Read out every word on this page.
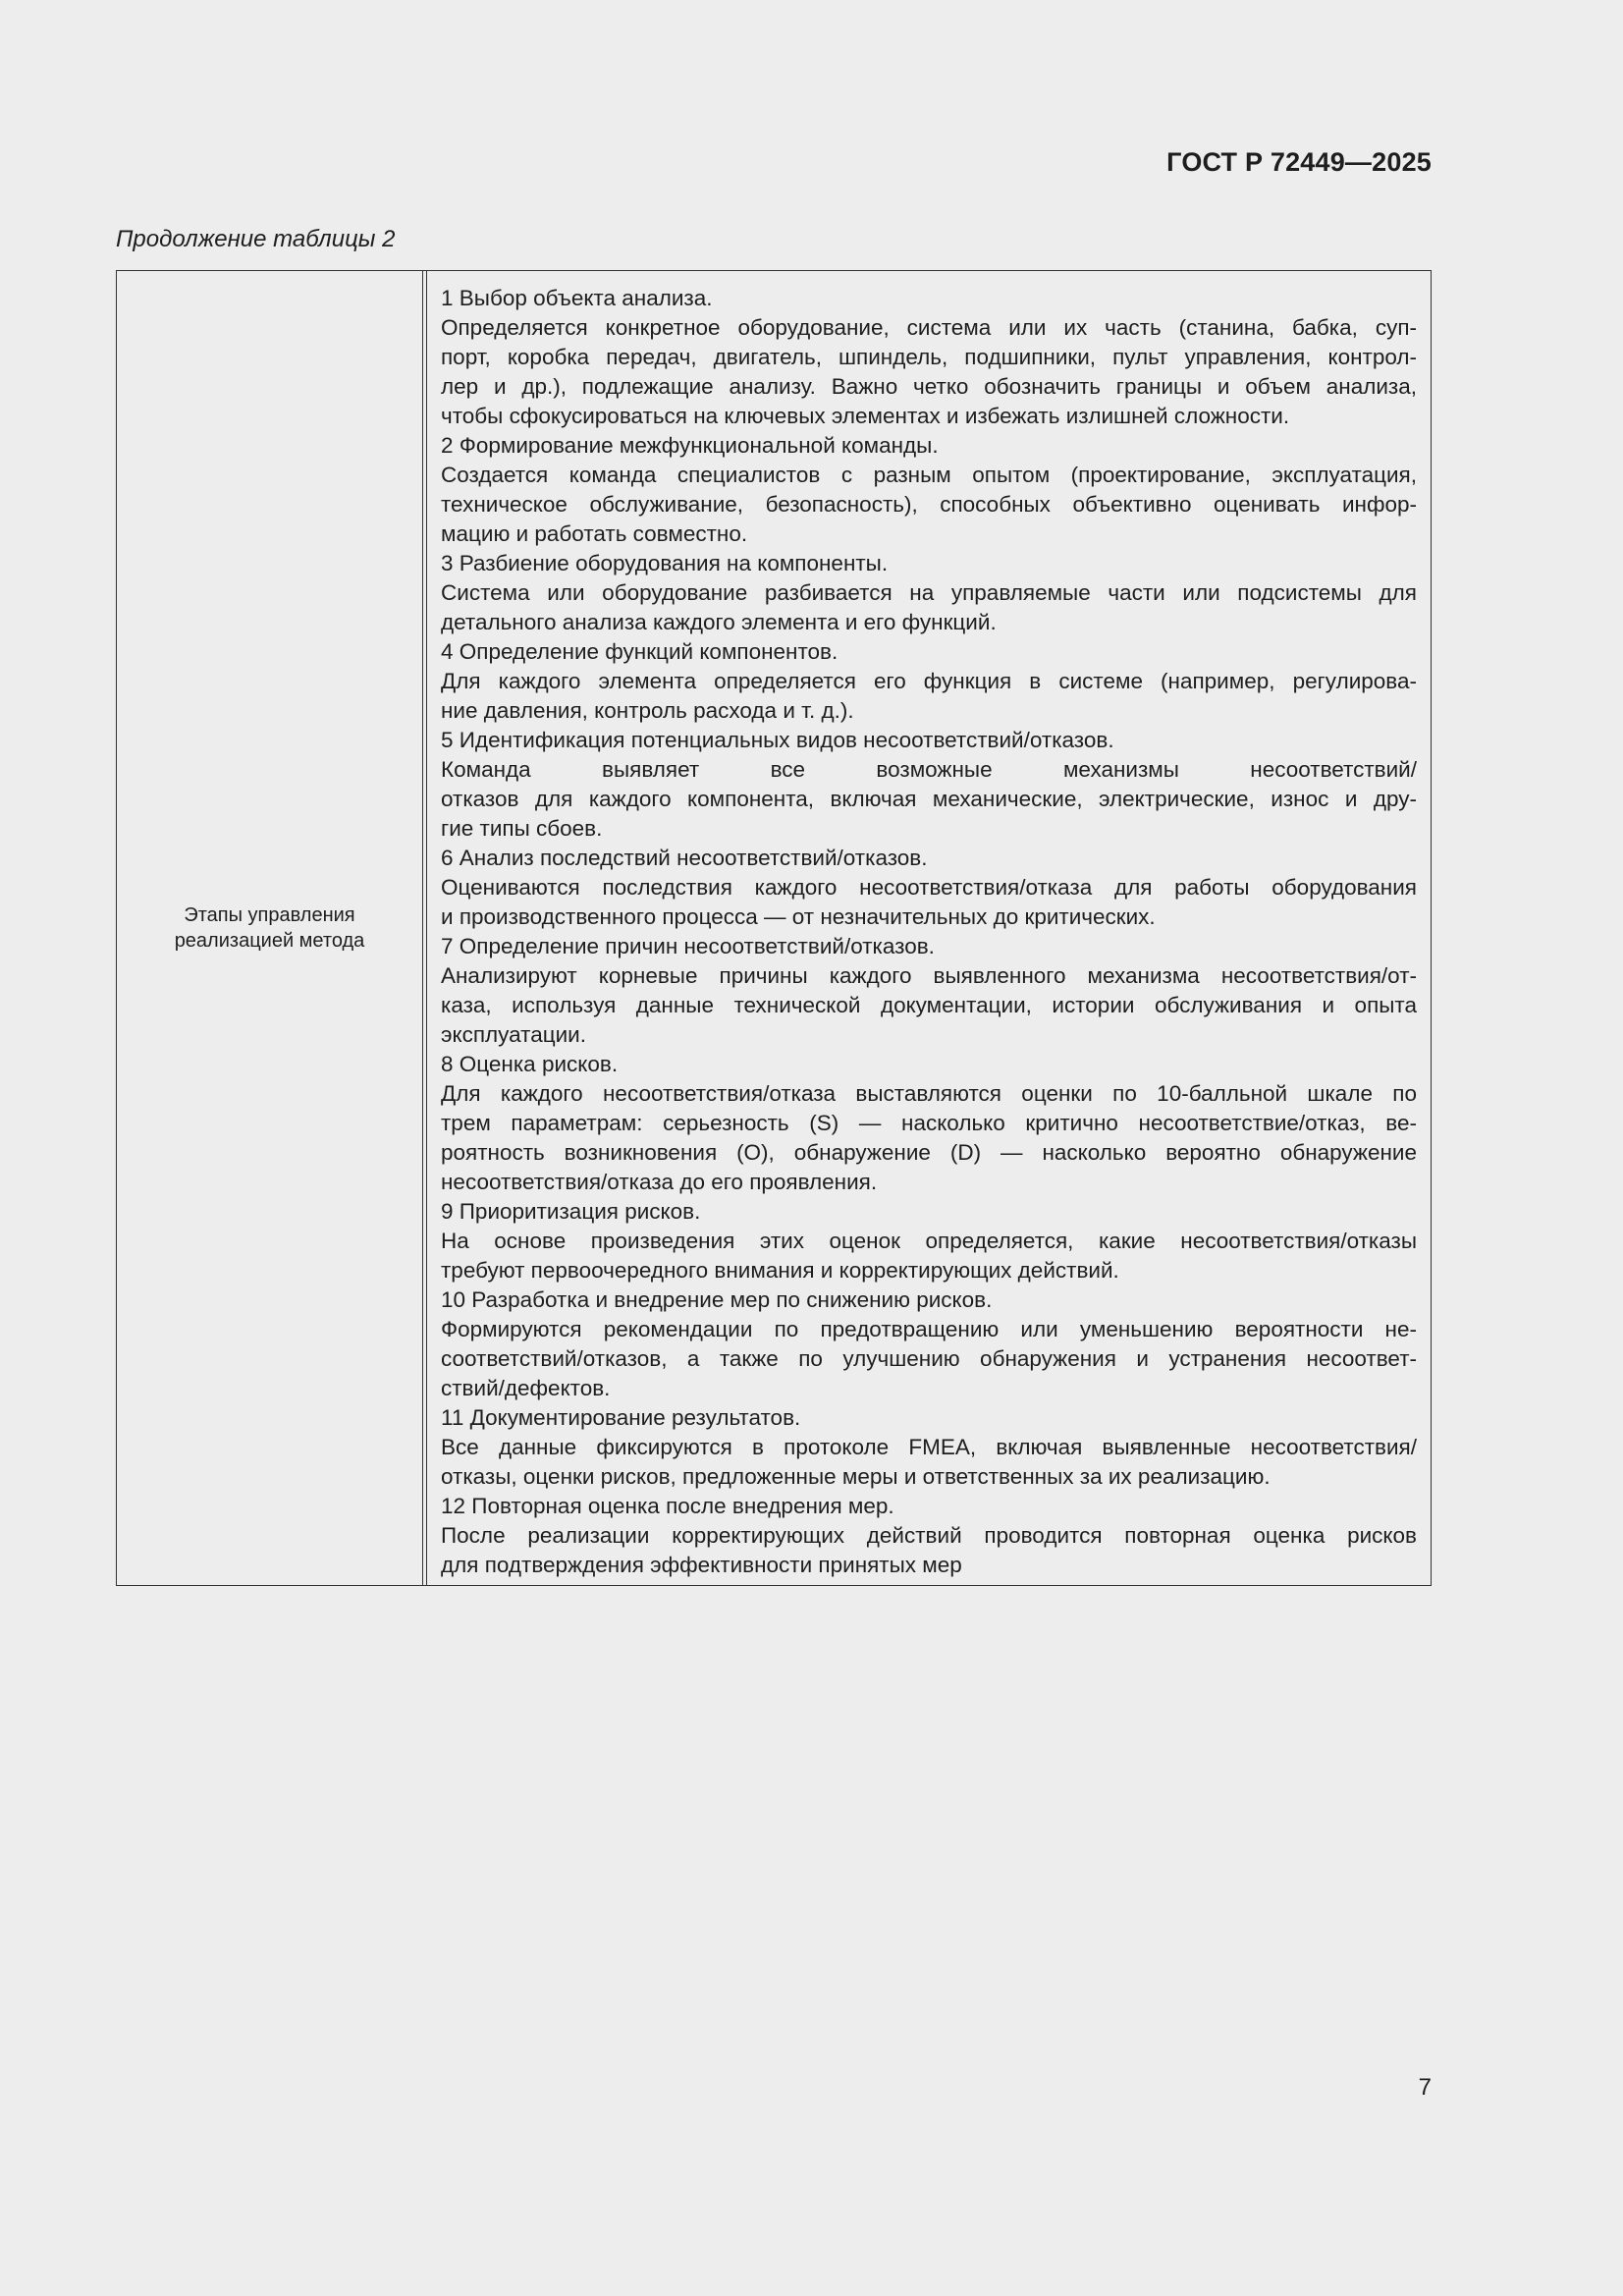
ГОСТ Р 72449—2025
Продолжение таблицы 2
Этапы управления
реализацией метода

1 Выбор объекта анализа.

Определяется конкретное оборудование, система или их часть (станина, бабка, суп-
порт, коробка передач, двигатель, шпиндель, подшипники, пульт управления, контрол-
лер и др.), подлежащие анализу. Важно четко обозначить границы и объем анализа,
чтобы сфокусироваться на ключевых элементах и избежать излишней сложности.

2 Формирование межфункциональной команды.

Создается команда специалистов с разным опытом (проектирование, эксплуатация,
техническое обслуживание, безопасность), способных объективно оценивать инфор-
мацию и работать совместно.

3 Разбиение оборудования на компоненты.

Система или оборудование разбивается на управляемые части или подсистемы для
детального анализа каждого элемента и его функций.

4 Определение функций компонентов.

Для каждого элемента определяется его функция в системе (например, регулирова-
ние давления, контроль расхода и т. д.).

5 Идентификация потенциальных видов несоответствий/отказов.

Команда выявляет все возможные механизмы несоответствий/
отказов для каждого компонента, включая механические, электрические, износ и дру-
гие типы сбоев.

6 Анализ последствий несоответствий/отказов.

Оцениваются последствия каждого несоответствия/отказа для работы оборудования
и производственного процесса — от незначительных до критических.

7 Определение причин несоответствий/отказов.

Анализируют корневые причины каждого выявленного механизма несоответствия/от-
каза, используя данные технической документации, истории обслуживания и опыта
эксплуатации.

8 Оценка рисков.

Для каждого несоответствия/отказа выставляются оценки по 10-балльной шкале по
трем параметрам: серьезность (S) — насколько критично несоответствие/отказ, ве-
роятность возникновения (O), обнаружение (D) — насколько вероятно обнаружение
несоответствия/отказа до его проявления.

9 Приоритизация рисков.

На основе произведения этих оценок определяется, какие несоответствия/отказы
требуют первоочередного внимания и корректирующих действий.

10 Разработка и внедрение мер по снижению рисков.

Формируются рекомендации по предотвращению или уменьшению вероятности не-
соответствий/отказов, а также по улучшению обнаружения и устранения несоответ-
ствий/дефектов.

11 Документирование результатов.

Все данные фиксируются в протоколе FMEA, включая выявленные несоответствия/
отказы, оценки рисков, предложенные меры и ответственных за их реализацию.

12 Повторная оценка после внедрения мер.

После реализации корректирующих действий проводится повторная оценка рисков
для подтверждения эффективности принятых мер

7
